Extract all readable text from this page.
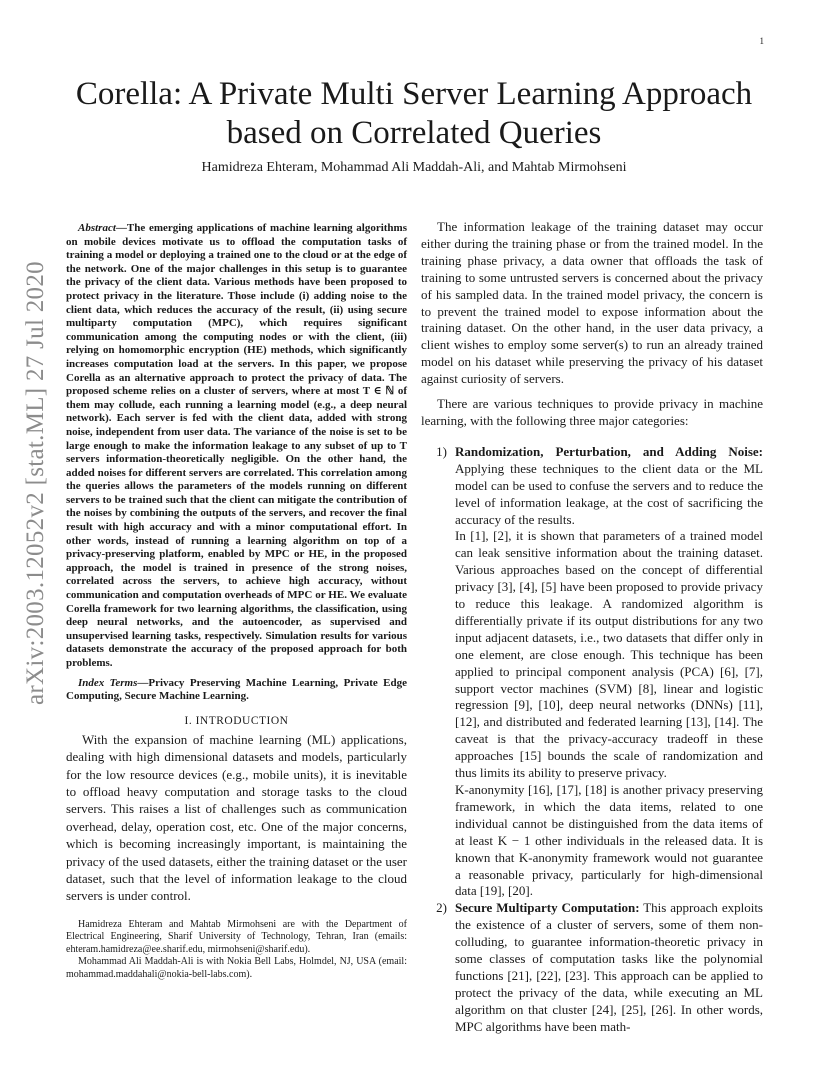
1
arXiv:2003.12052v2 [stat.ML] 27 Jul 2020
Corella: A Private Multi Server Learning Approach based on Correlated Queries
Hamidreza Ehteram, Mohammad Ali Maddah-Ali, and Mahtab Mirmohseni

Abstract—The emerging applications of machine learning algorithms on mobile devices motivate us to offload the computation tasks of training a model or deploying a trained one to the cloud or at the edge of the network. One of the major challenges in this setup is to guarantee the privacy of the client data. Various methods have been proposed to protect privacy in the literature. Those include (i) adding noise to the client data, which reduces the accuracy of the result, (ii) using secure multiparty computation (MPC), which requires significant communication among the computing nodes or with the client, (iii) relying on homomorphic encryption (HE) methods, which significantly increases computation load at the servers. In this paper, we propose Corella as an alternative approach to protect the privacy of data. The proposed scheme relies on a cluster of servers, where at most T ∈ ℕ of them may collude, each running a learning model (e.g., a deep neural network). Each server is fed with the client data, added with strong noise, independent from user data. The variance of the noise is set to be large enough to make the information leakage to any subset of up to T servers information-theoretically negligible. On the other hand, the added noises for different servers are correlated. This correlation among the queries allows the parameters of the models running on different servers to be trained such that the client can mitigate the contribution of the noises by combining the outputs of the servers, and recover the final result with high accuracy and with a minor computational effort. In other words, instead of running a learning algorithm on top of a privacy-preserving platform, enabled by MPC or HE, in the proposed approach, the model is trained in presence of the strong noises, correlated across the servers, to achieve high accuracy, without communication and computation overheads of MPC or HE. We evaluate Corella framework for two learning algorithms, the classification, using deep neural networks, and the autoencoder, as supervised and unsupervised learning tasks, respectively. Simulation results for various datasets demonstrate the accuracy of the proposed approach for both problems.

Index Terms—Privacy Preserving Machine Learning, Private Edge Computing, Secure Machine Learning.

I. INTRODUCTION

With the expansion of machine learning (ML) applications, dealing with high dimensional datasets and models, particularly for the low resource devices (e.g., mobile units), it is inevitable to offload heavy computation and storage tasks to the cloud servers. This raises a list of challenges such as communication overhead, delay, operation cost, etc. One of the major concerns, which is becoming increasingly important, is maintaining the privacy of the used datasets, either the training dataset or the user dataset, such that the level of information leakage to the cloud servers is under control.

Hamidreza Ehteram and Mahtab Mirmohseni are with the Department of Electrical Engineering, Sharif University of Technology, Tehran, Iran (emails: ehteram.hamidreza@ee.sharif.edu, mirmohseni@sharif.edu).

Mohammad Ali Maddah-Ali is with Nokia Bell Labs, Holmdel, NJ, USA (email: mohammad.maddahali@nokia-bell-labs.com).

The information leakage of the training dataset may occur either during the training phase or from the trained model. In the training phase privacy, a data owner that offloads the task of training to some untrusted servers is concerned about the privacy of his sampled data. In the trained model privacy, the concern is to prevent the trained model to expose information about the training dataset. On the other hand, in the user data privacy, a client wishes to employ some server(s) to run an already trained model on his dataset while preserving the privacy of his dataset against curiosity of servers.

There are various techniques to provide privacy in machine learning, with the following three major categories:

1) Randomization, Perturbation, and Adding Noise: Applying these techniques to the client data or the ML model can be used to confuse the servers and to reduce the level of information leakage, at the cost of sacrificing the accuracy of the results.

In [1], [2], it is shown that parameters of a trained model can leak sensitive information about the training dataset. Various approaches based on the concept of differential privacy [3], [4], [5] have been proposed to provide privacy to reduce this leakage. A randomized algorithm is differentially private if its output distributions for any two input adjacent datasets, i.e., two datasets that differ only in one element, are close enough. This technique has been applied to principal component analysis (PCA) [6], [7], support vector machines (SVM) [8], linear and logistic regression [9], [10], deep neural networks (DNNs) [11], [12], and distributed and federated learning [13], [14]. The caveat is that the privacy-accuracy tradeoff in these approaches [15] bounds the scale of randomization and thus limits its ability to preserve privacy.

K-anonymity [16], [17], [18] is another privacy preserving framework, in which the data items, related to one individual cannot be distinguished from the data items of at least K − 1 other individuals in the released data. It is known that K-anonymity framework would not guarantee a reasonable privacy, particularly for high-dimensional data [19], [20].

2) Secure Multiparty Computation: This approach exploits the existence of a cluster of servers, some of them non-colluding, to guarantee information-theoretic privacy in some classes of computation tasks like the polynomial functions [21], [22], [23]. This approach can be applied to protect the privacy of the data, while executing an ML algorithm on that cluster [24], [25], [26]. In other words, MPC algorithms have been math-
